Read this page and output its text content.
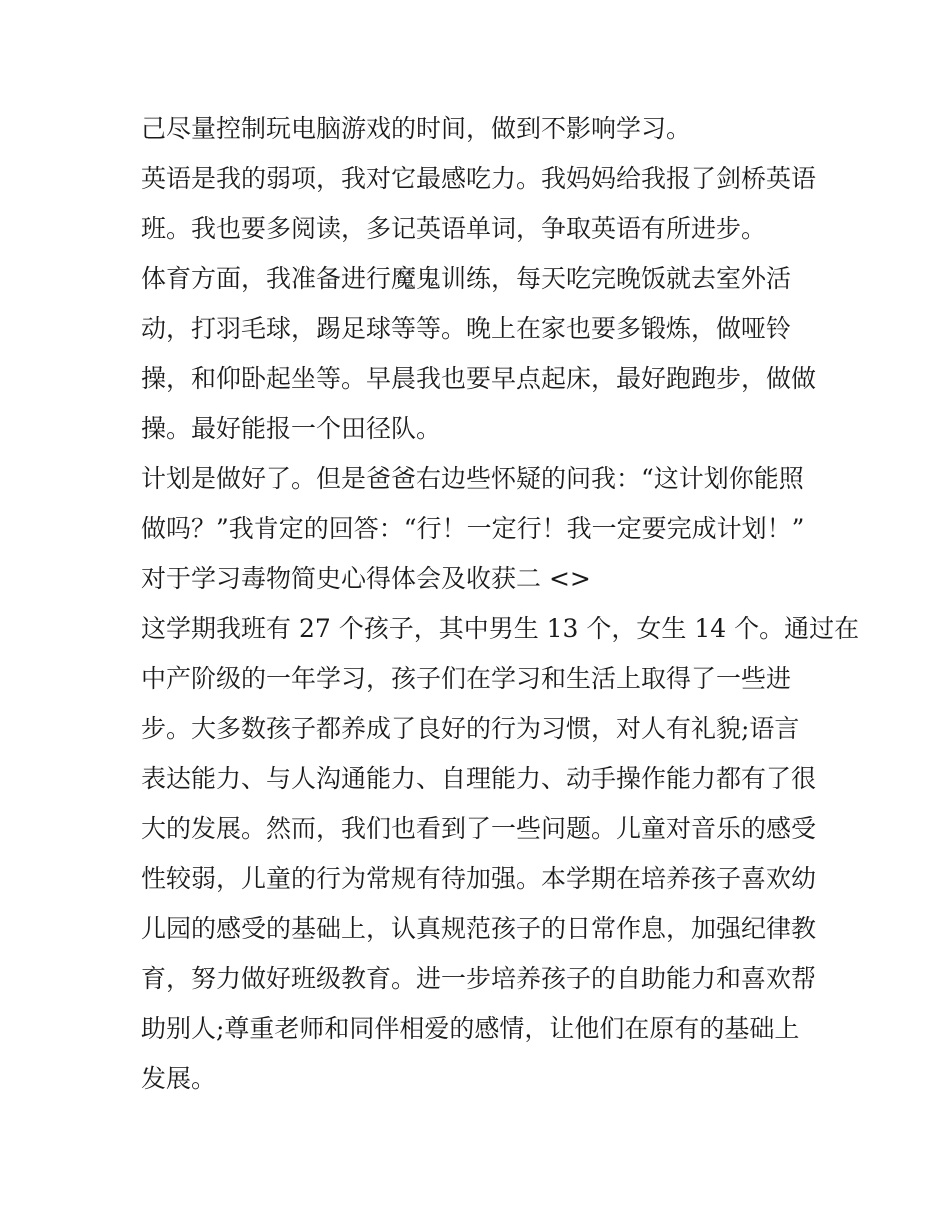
己尽量控制玩电脑游戏的时间，做到不影响学习。
英语是我的弱项，我对它最感吃力。我妈妈给我报了剑桥英语
班。我也要多阅读，多记英语单词，争取英语有所进步。
体育方面，我准备进行魔鬼训练，每天吃完晚饭就去室外活
动，打羽毛球，踢足球等等。晚上在家也要多锻炼，做哑铃
操，和仰卧起坐等。早晨我也要早点起床，最好跑跑步，做做
操。最好能报一个田径队。
计划是做好了。但是爸爸右边些怀疑的问我：“这计划你能照
做吗？”我肯定的回答：“行！一定行！我一定要完成计划！”
对于学习毒物简史心得体会及收获二 <>
这学期我班有 27 个孩子，其中男生 13 个，女生 14 个。通过在
中产阶级的一年学习，孩子们在学习和生活上取得了一些进
步。大多数孩子都养成了良好的行为习惯，对人有礼貌;语言
表达能力、与人沟通能力、自理能力、动手操作能力都有了很
大的发展。然而，我们也看到了一些问题。儿童对音乐的感受
性较弱，儿童的行为常规有待加强。本学期在培养孩子喜欢幼
儿园的感受的基础上，认真规范孩子的日常作息，加强纪律教
育，努力做好班级教育。进一步培养孩子的自助能力和喜欢帮
助别人;尊重老师和同伴相爱的感情，让他们在原有的基础上
发展。
